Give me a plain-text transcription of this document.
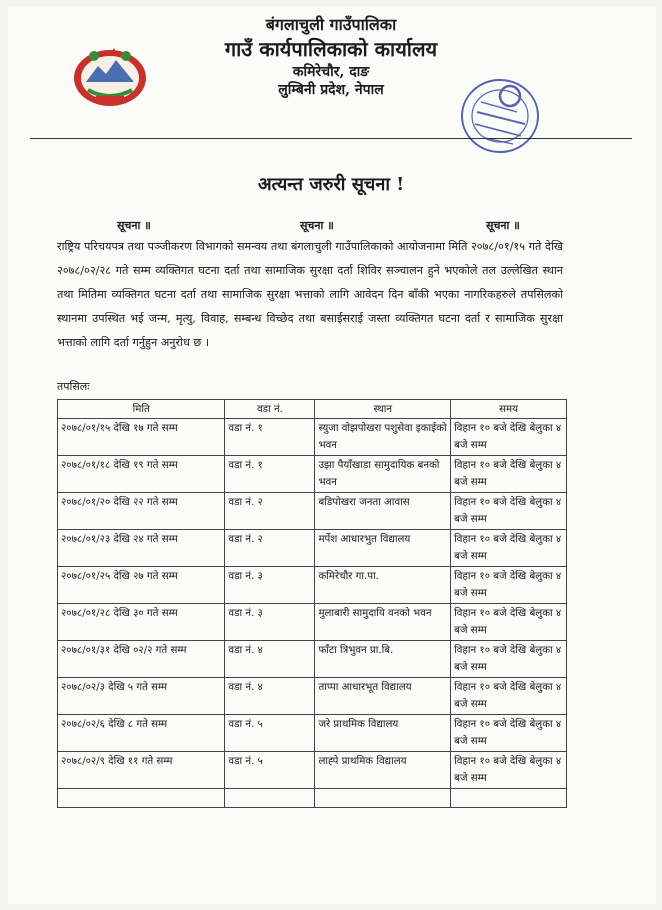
बंगलाचुली गाउँपालिका
गाउँ कार्यपालिकाको कार्यालय
कमिरेचौर, दाङ
लुम्बिनी प्रदेश, नेपाल
अत्यन्त जरुरी सूचना !
सूचना ॥	सूचना ॥	सूचना ॥
राष्ट्रिय परिचयपत्र तथा पञ्जीकरण विभागको समन्वय तथा बंगलाचुली गाउँपालिकाको आयोजनामा मिति २०७८/०१/१५ गते देखि २०७८/०२/२८ गते सम्म व्यक्तिगत घटना दर्ता तथा सामाजिक सुरक्षा दर्ता शिविर सञ्चालन हुने भएकोले तल उल्लेखित स्थान तथा मितिमा व्यक्तिगत घटना दर्ता तथा सामाजिक सुरक्षा भत्ताको लागि आवेदन दिन बाँकी भएका नागरिकहरुले तपसिलको स्थानमा उपस्थित भई जन्म, मृत्यु, विवाह, सम्बन्ध विच्छेद तथा बसाईसराई जस्ता व्यक्तिगत घटना दर्ता र सामाजिक सुरक्षा भत्ताको लागि दर्ता गर्नुहुन अनुरोध छ ।
तपसिलः
मिति	वडा नं.	स्थान	समय
२०७८/०१/१५ देखि १७ गते सम्म	वडा नं. १	स्युजा वोझपोखरा पशुसेवा इकाईको भवन	विहान १० बजे देखि बेलुका ४ बजे सम्म
२०७८/०१/१८ देखि १९ गते सम्म	वडा नं. १	उझा पैयाँखाडा सामुदायिक बनको भवन	विहान १० बजे देखि बेलुका ४ बजे सम्म
२०७८/०१/२० देखि २२ गते सम्म	वडा नं. २	बडिपोखरा जनता आवास	विहान १० बजे देखि बेलुका ४ बजे सम्म
२०७८/०१/२३ देखि २४ गते सम्म	वडा नं. २	मर्पेश आधारभुत विद्यालय	विहान १० बजे देखि बेलुका ४ बजे सम्म
२०७८/०१/२५ देखि २७ गते सम्म	वडा नं. ३	कमिरेचौर गा.पा.	विहान १० बजे देखि बेलुका ४ बजे सम्म
२०७८/०१/२८ देखि ३० गते सम्म	वडा नं. ३	मुलाबारी सामुदायि वनको भवन	विहान १० बजे देखि बेलुका ४ बजे सम्म
२०७८/०१/३१ देखि ०२/२ गते सम्म	वडा नं. ४	फाँटा त्रिभुवन प्रा.बि.	विहान १० बजे देखि बेलुका ४ बजे सम्म
२०७८/०२/३ देखि ५ गते सम्म	वडा नं. ४	ताप्पा आधारभूत विद्यालय	विहान १० बजे देखि बेलुका ४ बजे सम्म
२०७८/०२/६ देखि ८ गते सम्म	वडा नं. ५	जरे प्राथमिक विद्यालय	विहान १० बजे देखि बेलुका ४ बजे सम्म
२०७८/०२/९ देखि ११ गते सम्म	वडा नं. ५	लाह्पे प्राथमिक विद्यालय	विहान १० बजे देखि बेलुका ४ बजे सम्म
